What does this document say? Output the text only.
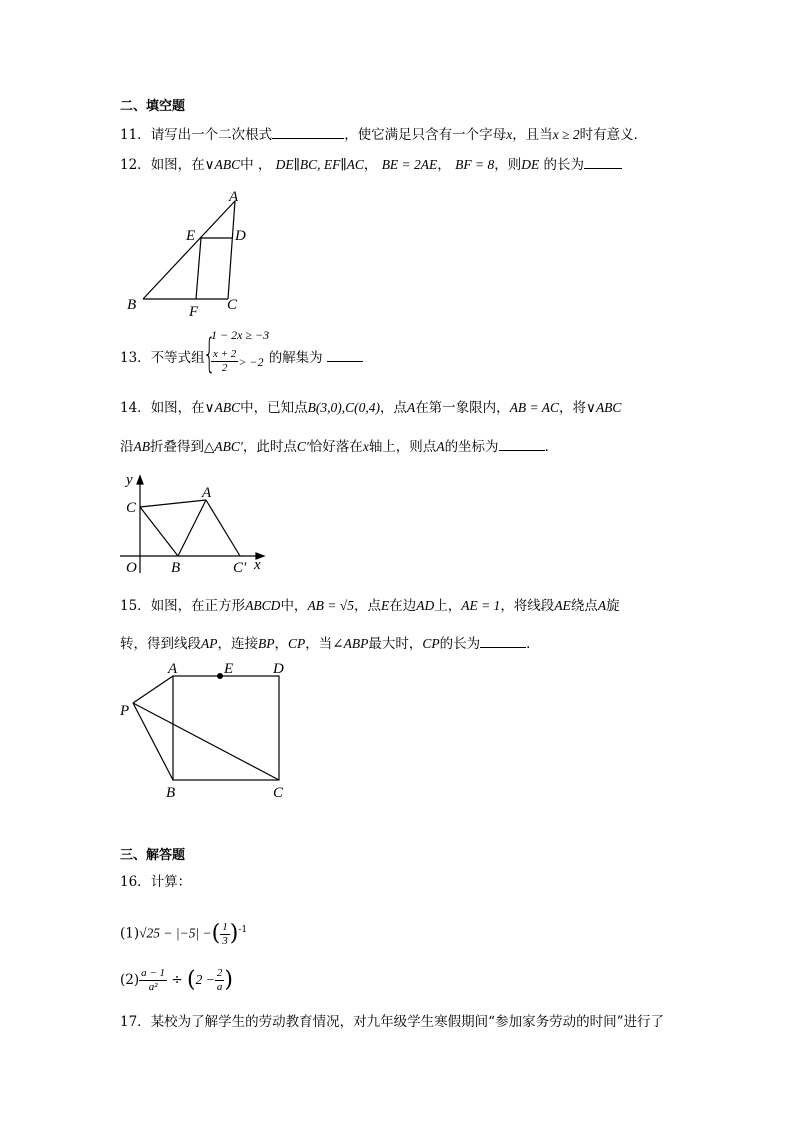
二、填空题
11．请写出一个二次根式	，使它满足只含有一个字母x，且当x ≥ 2时有意义．
12．如图，在∨ABC中 ， DE∥BC, EF∥AC， BE = 2AE， BF = 8，则DE 的长为
A
E	D
B	C
F
13．不等式组	的解集为
{
1 − 2x ≥ −3
$\frac{x + 2}{2} > -2$
14．如图，在∨ABC中，已知点B(3,0),C(0,4)，点A在第一象限内，AB = AC，将∨ABC
沿AB折叠得到△ABC′，此时点C′恰好落在x轴上，则点A的坐标为	．
y
x
O
C
A
B	C′
15．如图，在正方形ABCD中，AB = √5，点E在边AD上，AE = 1，将线段AE绕点A旋
转，得到线段AP，连接BP，CP，当∠ABP最大时，CP的长为	．
A	E	D
P
B	C
三、解答题
16．计算：
(1)√25 − |−5| −( $\frac{1}{3} )^{-1}$
$(2) \frac{a - 1}{\text{a²}} \div (2 - \frac{2}{a}$ )
17．某校为了解学生的劳动教育情况，对九年级学生寒假期间“参加家务劳动的时间”进行了
